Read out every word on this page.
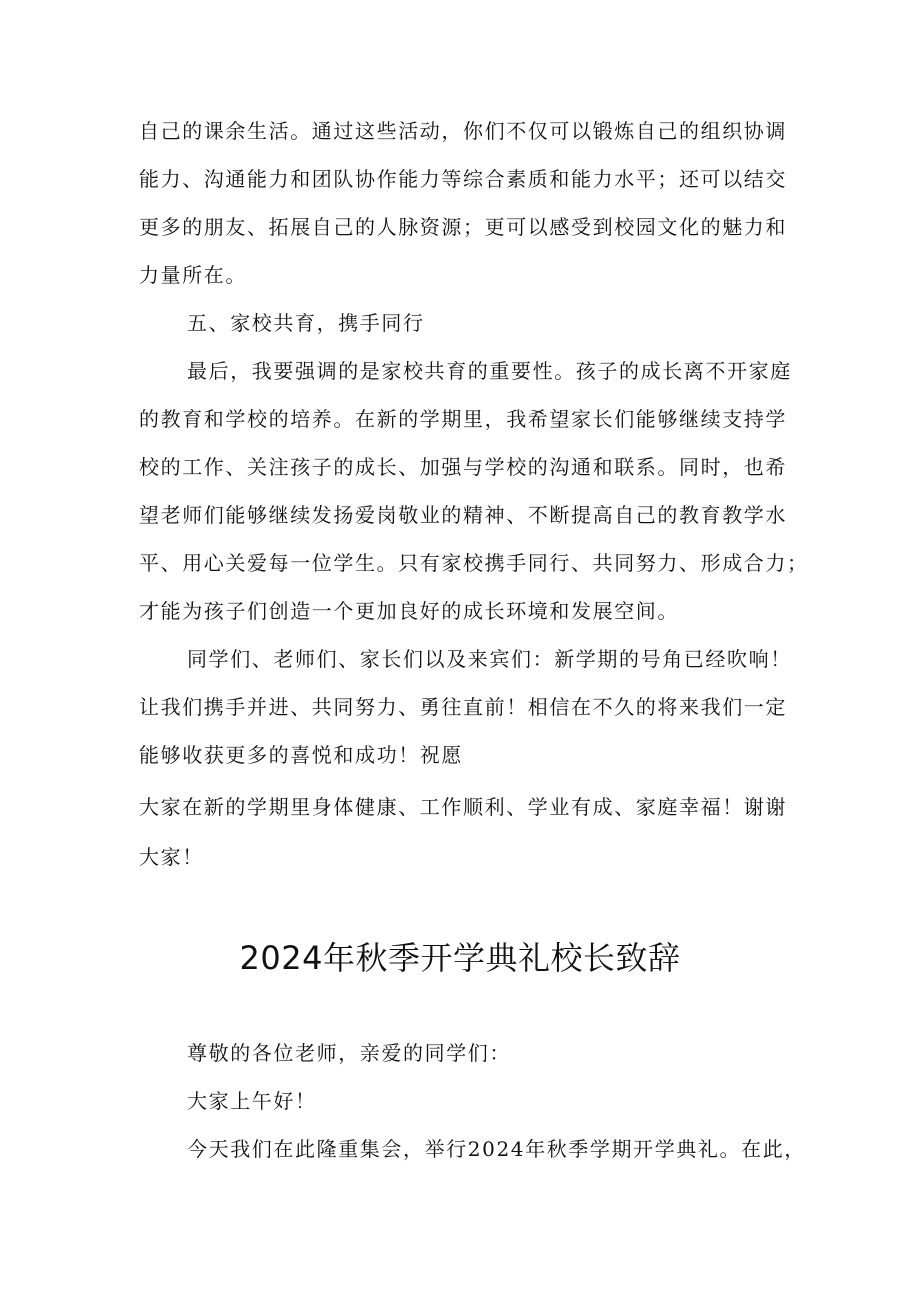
自己的课余生活。通过这些活动，你们不仅可以锻炼自己的组织协调
能力、沟通能力和团队协作能力等综合素质和能力水平；还可以结交
更多的朋友、拓展自己的人脉资源；更可以感受到校园文化的魅力和
力量所在。
五、家校共育，携手同行
最后，我要强调的是家校共育的重要性。孩子的成长离不开家庭
的教育和学校的培养。在新的学期里，我希望家长们能够继续支持学
校的工作、关注孩子的成长、加强与学校的沟通和联系。同时，也希
望老师们能够继续发扬爱岗敬业的精神、不断提高自己的教育教学水
平、用心关爱每一位学生。只有家校携手同行、共同努力、形成合力；
才能为孩子们创造一个更加良好的成长环境和发展空间。
同学们、老师们、家长们以及来宾们：新学期的号角已经吹响！
让我们携手并进、共同努力、勇往直前！相信在不久的将来我们一定
能够收获更多的喜悦和成功！祝愿
大家在新的学期里身体健康、工作顺利、学业有成、家庭幸福！谢谢
大家！
2024年秋季开学典礼校长致辞
尊敬的各位老师，亲爱的同学们：
大家上午好！
今天我们在此隆重集会，举行2024年秋季学期开学典礼。在此，
